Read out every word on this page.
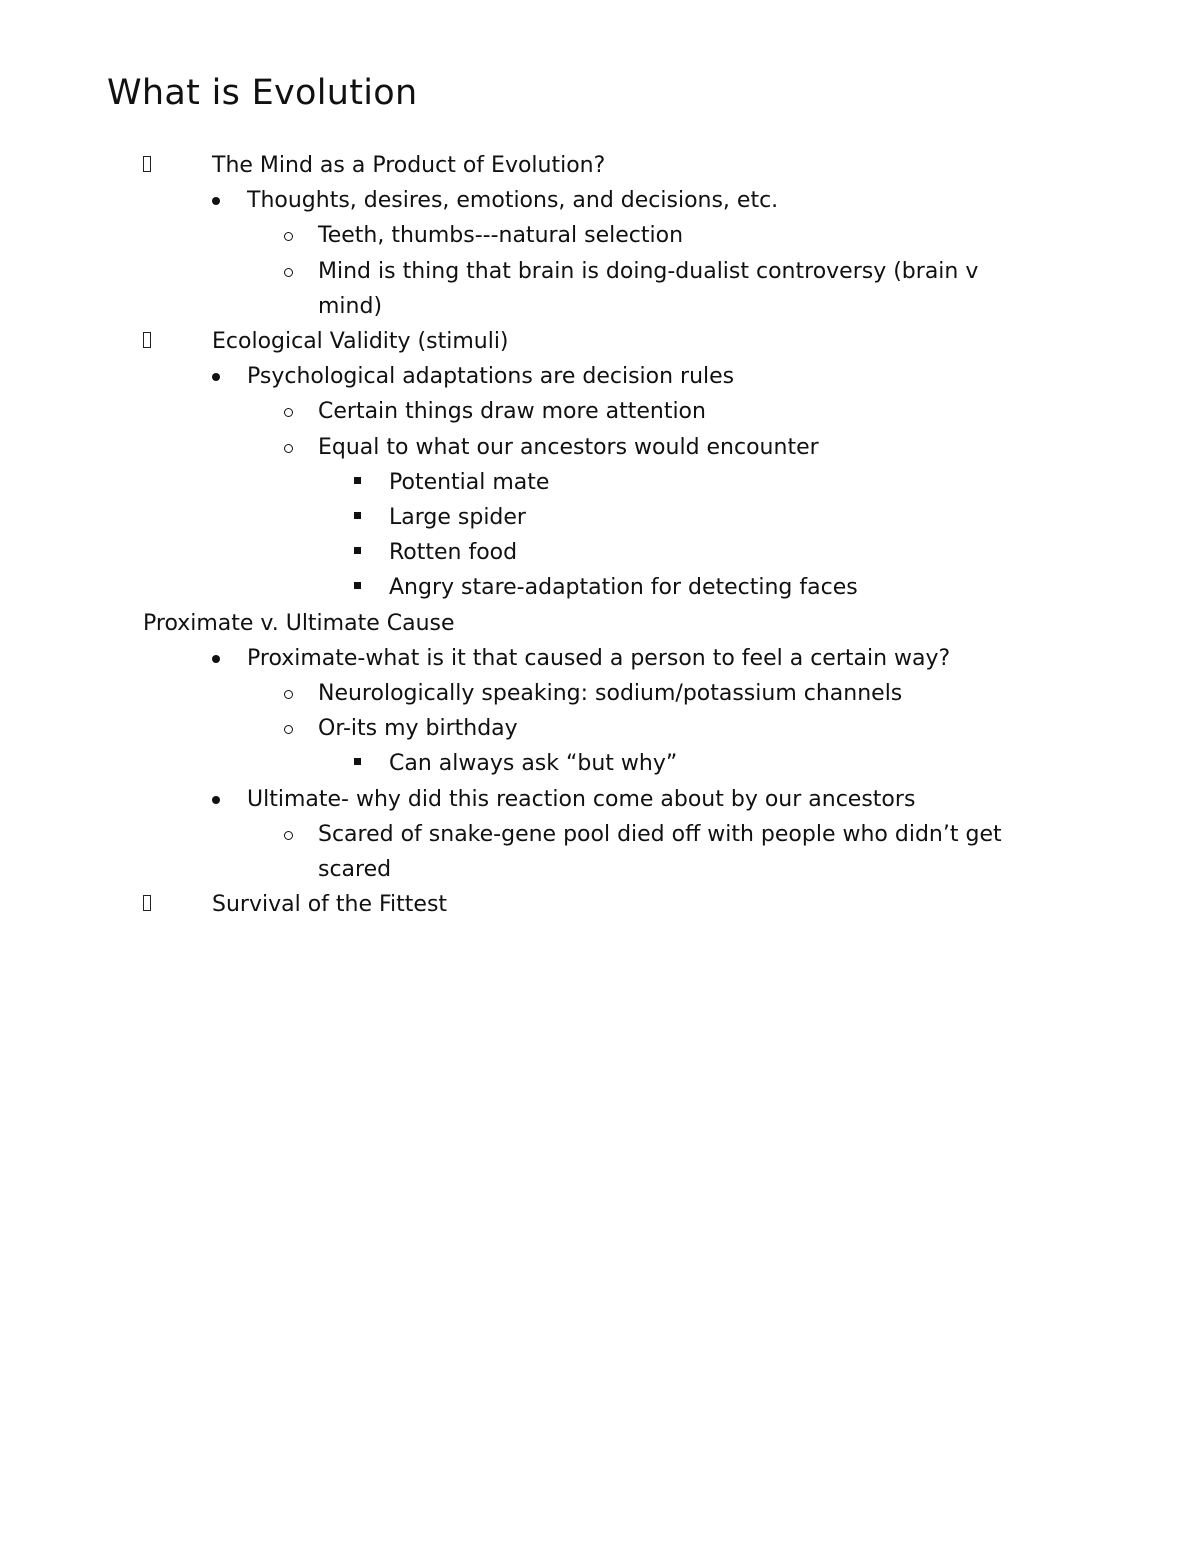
What is Evolution
The Mind as a Product of Evolution?
Thoughts, desires, emotions, and decisions, etc.
Teeth, thumbs---natural selection
Mind is thing that brain is doing-dualist controversy (brain v
mind)
Ecological Validity (stimuli)
Psychological adaptations are decision rules
Certain things draw more attention
Equal to what our ancestors would encounter
Potential mate
Large spider
Rotten food
Angry stare-adaptation for detecting faces
Proximate v. Ultimate Cause
Proximate-what is it that caused a person to feel a certain way?
Neurologically speaking: sodium/potassium channels
Or-its my birthday
Can always ask “but why”
Ultimate- why did this reaction come about by our ancestors
Scared of snake-gene pool died off with people who didn’t get
scared
Survival of the Fittest
